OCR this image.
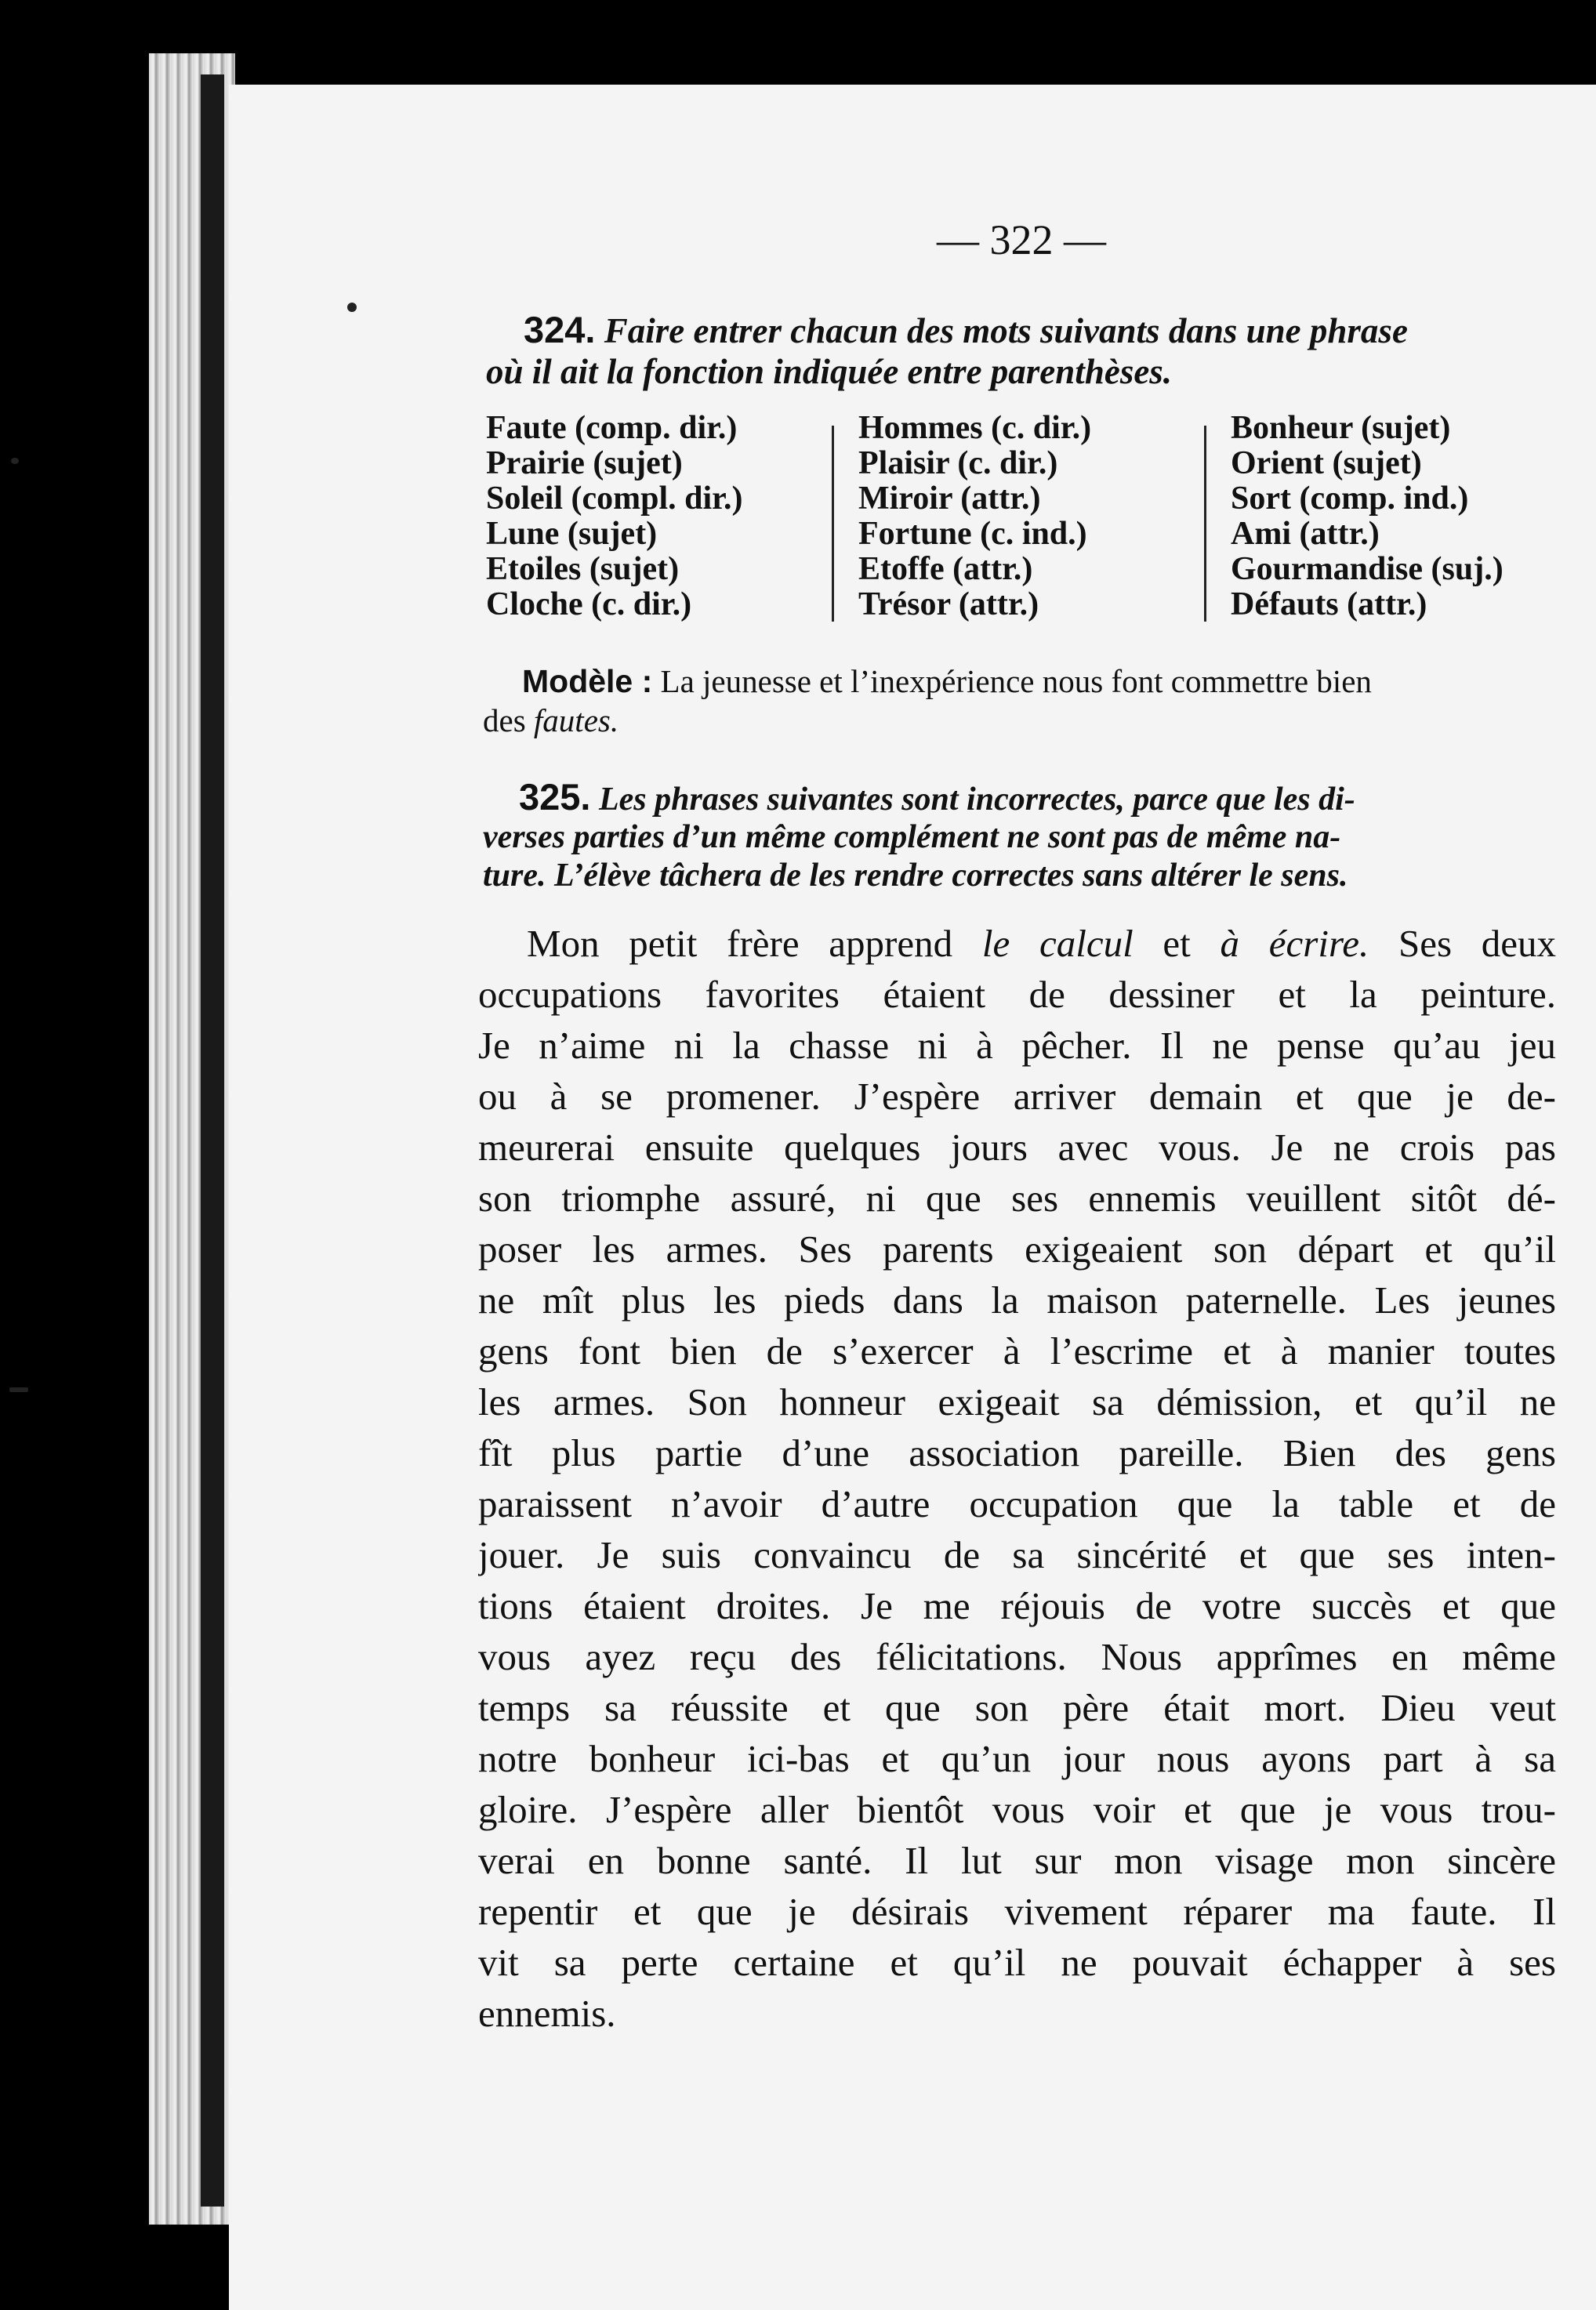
— 322 —
324. Faire entrer chacun des mots suivants dans une phrase
où il ait la fonction indiquée entre parenthèses.
Faute (comp. dir.)
Prairie (sujet)
Soleil (compl. dir.)
Lune (sujet)
Etoiles (sujet)
Cloche (c. dir.)
Hommes (c. dir.)
Plaisir (c. dir.)
Miroir (attr.)
Fortune (c. ind.)
Etoffe (attr.)
Trésor (attr.)
Bonheur (sujet)
Orient (sujet)
Sort (comp. ind.)
Ami (attr.)
Gourmandise (suj.)
Défauts (attr.)
Modèle : La jeunesse et l’inexpérience nous font commettre bien
des fautes.
325. Les phrases suivantes sont incorrectes, parce que les di-
verses parties d’un même complément ne sont pas de même na-
ture. L’élève tâchera de les rendre correctes sans altérer le sens.
Mon petit frère apprend le calcul et à écrire. Ses deux
occupations favorites étaient de dessiner et la peinture.
Je n’aime ni la chasse ni à pêcher. Il ne pense qu’au jeu
ou à se promener. J’espère arriver demain et que je de-
meurerai ensuite quelques jours avec vous. Je ne crois pas
son triomphe assuré, ni que ses ennemis veuillent sitôt dé-
poser les armes. Ses parents exigeaient son départ et qu’il
ne mît plus les pieds dans la maison paternelle. Les jeunes
gens font bien de s’exercer à l’escrime et à manier toutes
les armes. Son honneur exigeait sa démission, et qu’il ne
fît plus partie d’une association pareille. Bien des gens
paraissent n’avoir d’autre occupation que la table et de
jouer. Je suis convaincu de sa sincérité et que ses inten-
tions étaient droites. Je me réjouis de votre succès et que
vous ayez reçu des félicitations. Nous apprîmes en même
temps sa réussite et que son père était mort. Dieu veut
notre bonheur ici-bas et qu’un jour nous ayons part à sa
gloire. J’espère aller bientôt vous voir et que je vous trou-
verai en bonne santé. Il lut sur mon visage mon sincère
repentir et que je désirais vivement réparer ma faute. Il
vit sa perte certaine et qu’il ne pouvait échapper à ses
ennemis.
